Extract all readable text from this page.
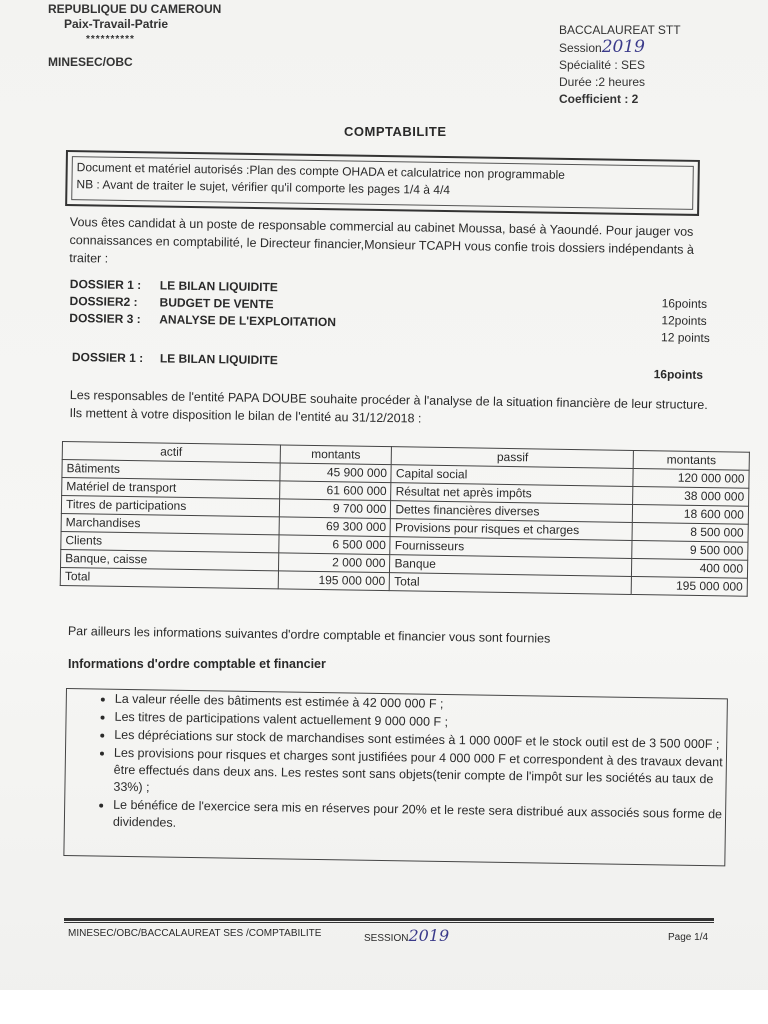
REPUBLIQUE DU CAMEROUN
Paix-Travail-Patrie
**********
MINESEC/OBC
BACCALAUREAT STT
Session2019
Spécialité : SES
Durée :2 heures
Coefficient : 2
COMPTABILITE
Document et matériel autorisés :Plan des compte OHADA et calculatrice non programmable
NB : Avant de traiter le sujet, vérifier qu'il comporte les pages 1/4 à 4/4
Vous êtes candidat à un poste de responsable commercial au cabinet Moussa, basé à Yaoundé. Pour jauger vos connaissances en comptabilité, le Directeur financier,Monsieur TCAPH vous confie trois dossiers indépendants à traiter :
DOSSIER 1 : LE BILAN LIQUIDITE
16points
DOSSIER2 : BUDGET DE VENTE
12points
DOSSIER 3 : ANALYSE DE L'EXPLOITATION
12 points
DOSSIER 1 : LE BILAN LIQUIDITE
16points
Les responsables de l'entité PAPA DOUBE souhaite procéder à l'analyse de la situation financière de leur structure. Ils mettent à votre disposition le bilan de l'entité au 31/12/2018 :
actif	montants	passif	montants
Bâtiments	45 900 000	Capital social	120 000 000
Matériel de transport	61 600 000	Résultat net après impôts	38 000 000
Titres de participations	9 700 000	Dettes financières diverses	18 600 000
Marchandises	69 300 000	Provisions pour risques et charges	8 500 000
Clients	6 500 000	Fournisseurs	9 500 000
Banque, caisse	2 000 000	Banque	400 000
Total	195 000 000	Total	195 000 000
Par ailleurs les informations suivantes d'ordre comptable et financier vous sont fournies
Informations d'ordre comptable et financier
• La valeur réelle des bâtiments est estimée à 42 000 000 F ;
• Les titres de participations valent actuellement 9 000 000 F ;
• Les dépréciations sur stock de marchandises sont estimées à 1 000 000F et le stock outil est de 3 500 000F ;
• Les provisions pour risques et charges sont justifiées pour 4 000 000 F et correspondent à des travaux devant être effectués dans deux ans. Les restes sont sans objets(tenir compte de l'impôt sur les sociétés au taux de 33%) ;
• Le bénéfice de l'exercice sera mis en réserves pour 20% et le reste sera distribué aux associés sous forme de dividendes.
MINESEC/OBC/BACCALAUREAT SES /COMPTABILITE	SESSION2019	Page 1/4
